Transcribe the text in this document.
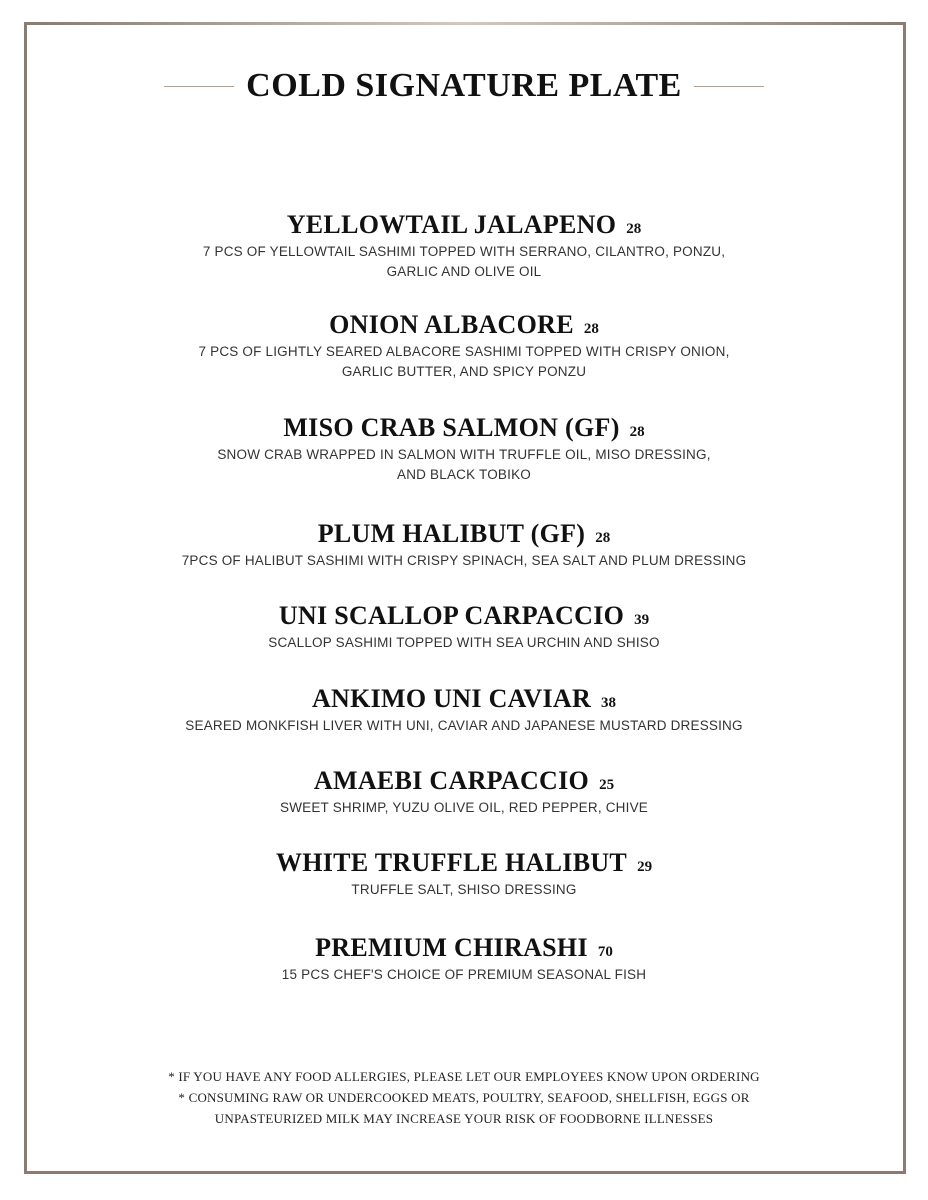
COLD SIGNATURE PLATE
YELLOWTAIL JALAPENO 28
7 PCS OF YELLOWTAIL SASHIMI TOPPED WITH SERRANO, CILANTRO, PONZU,
GARLIC AND OLIVE OIL
ONION ALBACORE 28
7 PCS OF LIGHTLY SEARED ALBACORE SASHIMI TOPPED WITH CRISPY ONION,
GARLIC BUTTER, AND SPICY PONZU
MISO CRAB SALMON (GF) 28
SNOW CRAB WRAPPED IN SALMON WITH TRUFFLE OIL, MISO DRESSING,
AND BLACK TOBIKO
PLUM HALIBUT (GF) 28
7PCS OF HALIBUT SASHIMI WITH CRISPY SPINACH, SEA SALT AND PLUM DRESSING
UNI SCALLOP CARPACCIO 39
SCALLOP SASHIMI TOPPED WITH SEA URCHIN AND SHISO
ANKIMO UNI CAVIAR 38
SEARED MONKFISH LIVER WITH UNI, CAVIAR AND JAPANESE MUSTARD DRESSING
AMAEBI CARPACCIO 25
SWEET SHRIMP, YUZU OLIVE OIL, RED PEPPER, CHIVE
WHITE TRUFFLE HALIBUT 29
TRUFFLE SALT, SHISO DRESSING
PREMIUM CHIRASHI 70
15 PCS CHEF'S CHOICE OF PREMIUM SEASONAL FISH
* IF YOU HAVE ANY FOOD ALLERGIES, PLEASE LET OUR EMPLOYEES KNOW UPON ORDERING
* CONSUMING RAW OR UNDERCOOKED MEATS, POULTRY, SEAFOOD, SHELLFISH, EGGS OR
UNPASTEURIZED MILK MAY INCREASE YOUR RISK OF FOODBORNE ILLNESSES
